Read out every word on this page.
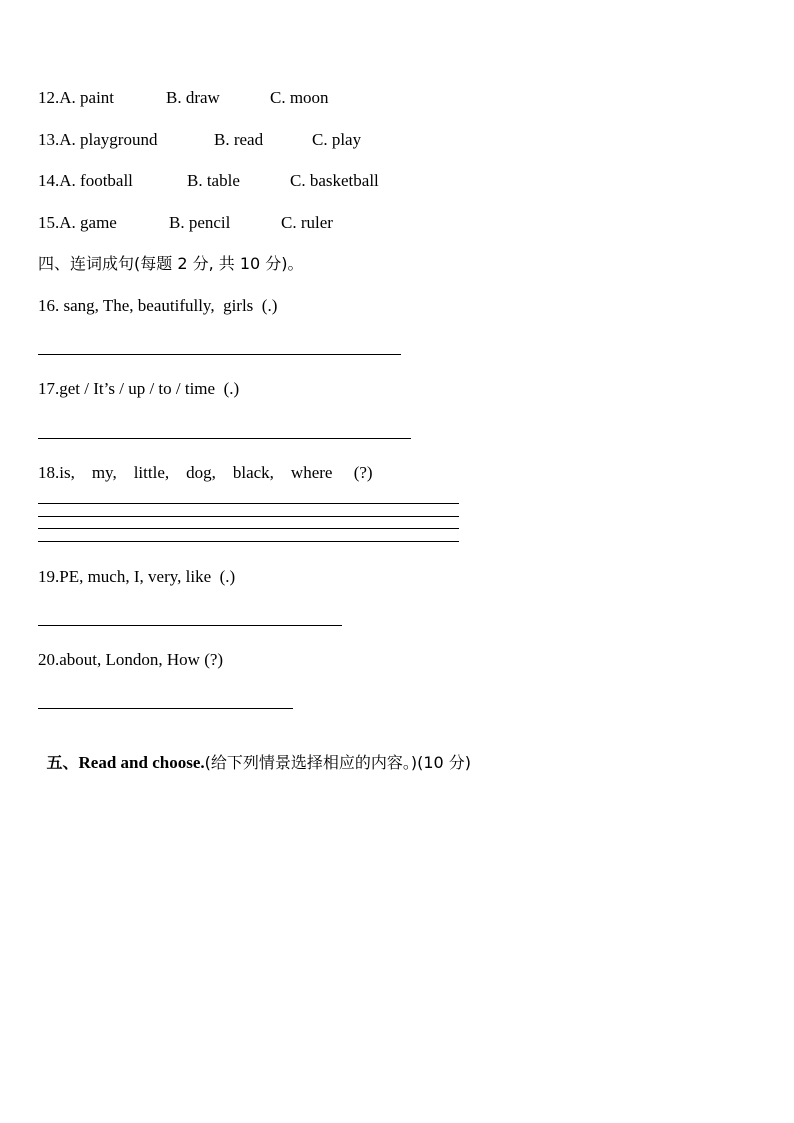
12.A. paint	B. draw	C. moon
13.A. playground	B. read	C. play
14.A. football	B. table	C. basketball
15.A. game	B. pencil	C. ruler
四、连词成句(每题 2 分, 共 10 分)。
16. sang, The, beautifully,  girls  (.)
17.get / It’s / up / to / time  (.)
18.is,    my,    little,    dog,    black,    where     (?)
19.PE, much, I, very, like  (.)
20.about, London, How (?)

五、Read and choose.(给下列情景选择相应的内容。)(10 分)
